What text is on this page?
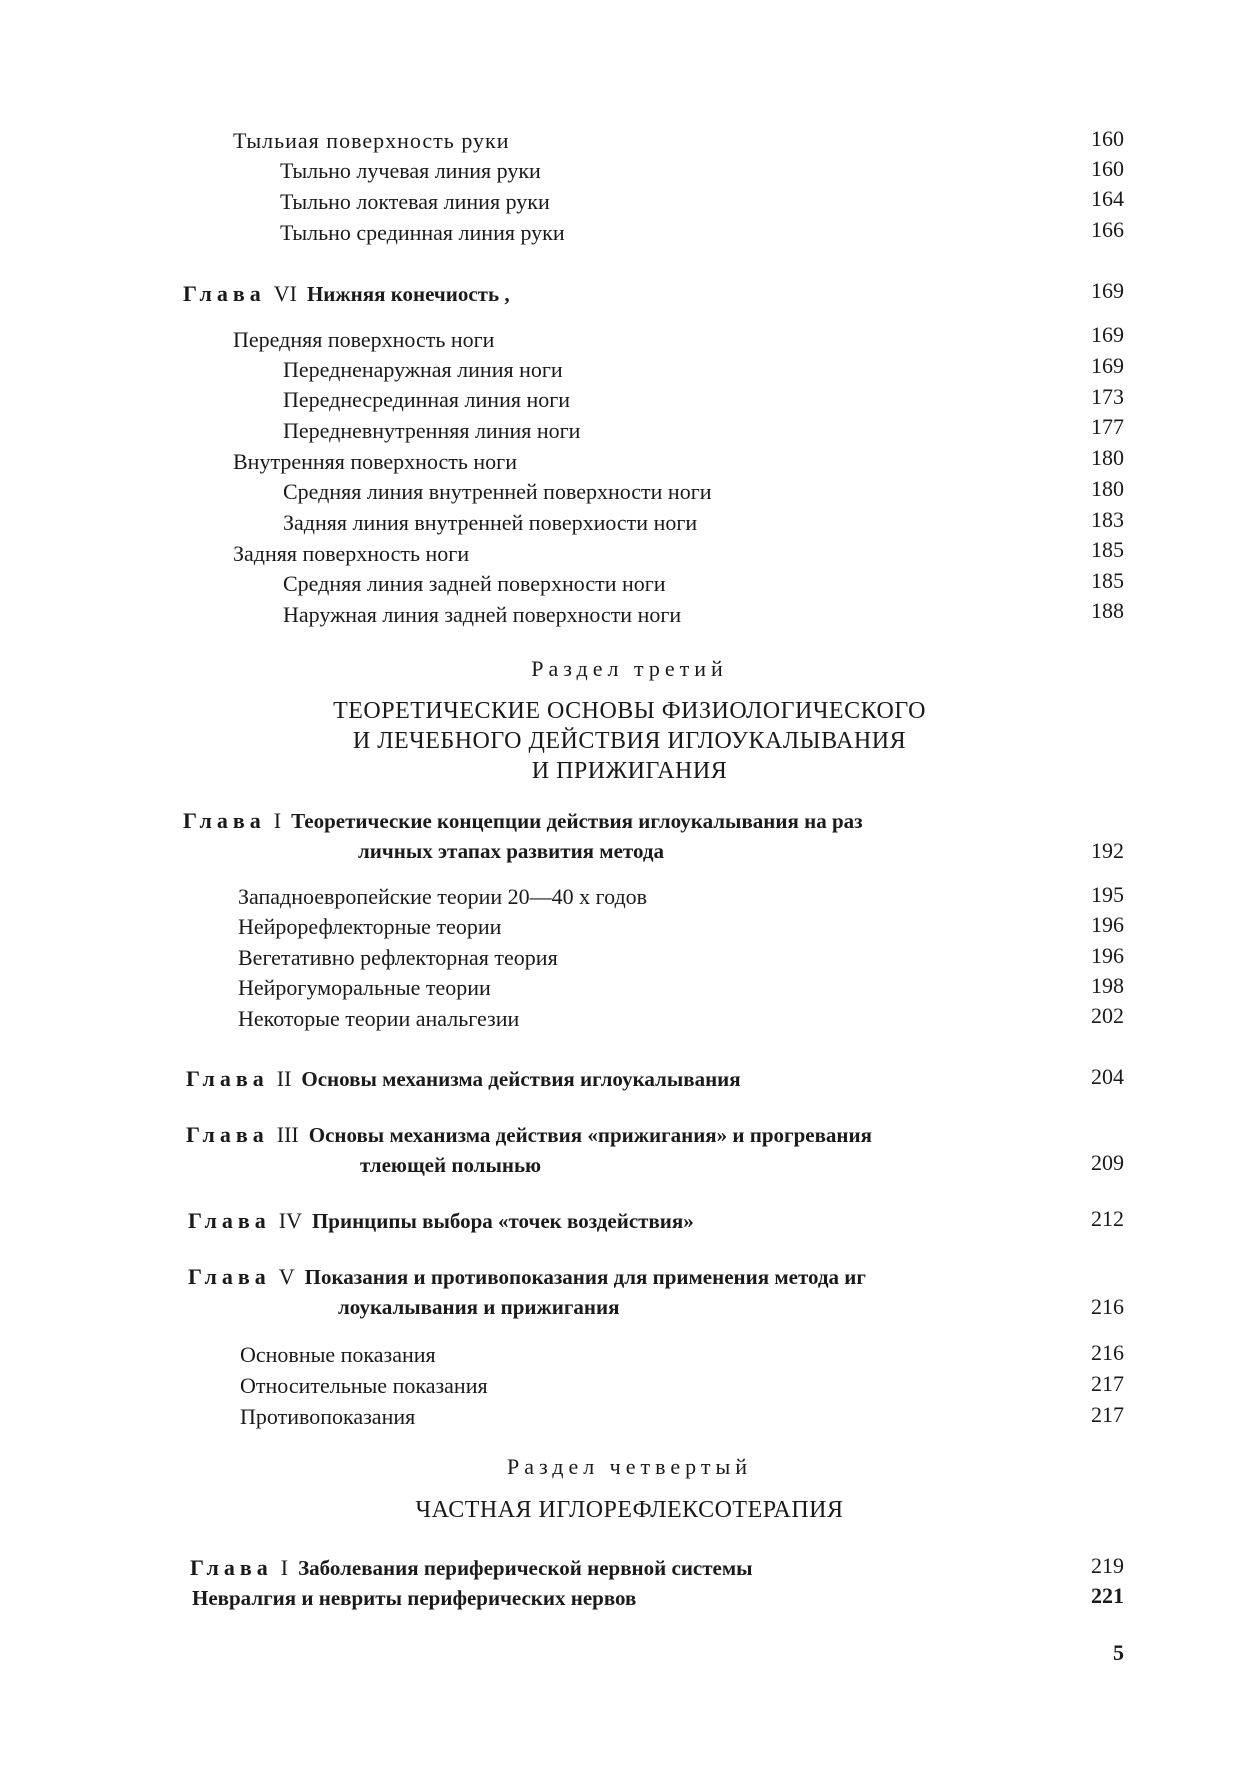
Тыльиая поверхность руки	160
Тыльно лучевая линия руки	160
Тыльно локтевая линия руки	164
Тыльно срединная линия руки	166
Глава VI Нижняя конечиость ,	169
Передняя поверхность ноги	169
Передненаружная линия ноги	169
Переднесрединная линия ноги	173
Передневнутренняя линия ноги	177
Внутренняя поверхность ноги	180
Средняя линия внутренней поверхности ноги	180
Задняя линия внутренней поверхиости ноги	183
Задняя поверхность ноги	185
Средняя линия задней поверхности ноги	185
Наружная линия задней поверхности ноги	188
Раздел третий
ТЕОРЕТИЧЕСКИЕ ОСНОВЫ ФИЗИОЛОГИЧЕСКОГО
И ЛЕЧЕБНОГО ДЕЙСТВИЯ ИГЛОУКАЛЫВАНИЯ
И ПРИЖИГАНИЯ
Глава I Теоретические концепции действия иглоукалывания на раз
личных этапах развития метода	192
Западноевропейские теории 20—40 х годов	195
Нейрорефлекторные теории	196
Вегетативно рефлекторная теория	196
Нейрогуморальные теории	198
Некоторые теории анальгезии	202
Глава II Основы механизма действия иглоукалывания	204
Глава III Основы механизма действия «прижигания» и прогревания
тлеющей полынью	209
Глава IV Принципы выбора «точек воздействия»	212
Глава V Показания и противопоказания для применения метода иг
лоукалывания и прижигания	216
Основные показания	216
Относительные показания	217
Противопоказания	217
Раздел четвертый
ЧАСТНАЯ ИГЛОРЕФЛЕКСОТЕРАПИЯ
Глава I Заболевания периферической нервной системы	219
Невралгия и невриты периферических нервов	221
5
